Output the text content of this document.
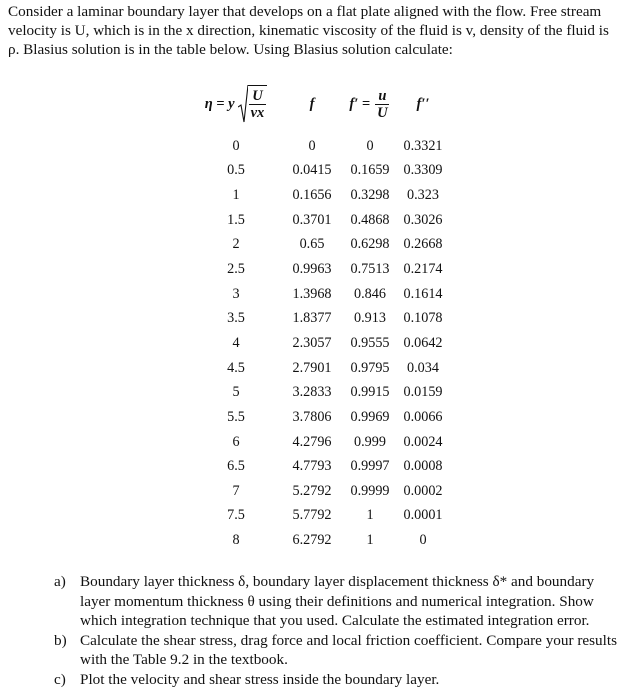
Consider a laminar boundary layer that develops on a flat plate aligned with the flow. Free stream velocity is U, which is in the x direction, kinematic viscosity of the fluid is v, density of the fluid is ρ. Blasius solution is in the table below. Using Blasius solution calculate:

η = y $\frac{U}{vx}$	f	$f' = \frac{u}{U}$	f′′
0	0	0	0.3321
0.5	0.0415	0.1659	0.3309
1	0.1656	0.3298	0.323
1.5	0.3701	0.4868	0.3026
2	0.65	0.6298	0.2668
2.5	0.9963	0.7513	0.2174
3	1.3968	0.846	0.1614
3.5	1.8377	0.913	0.1078
4	2.3057	0.9555	0.0642
4.5	2.7901	0.9795	0.034
5	3.2833	0.9915	0.0159
5.5	3.7806	0.9969	0.0066
6	4.2796	0.999	0.0024
6.5	4.7793	0.9997	0.0008
7	5.2792	0.9999	0.0002
7.5	5.7792	1	0.0001
8	6.2792	1	0
a) Boundary layer thickness δ, boundary layer displacement thickness δ* and boundary layer momentum thickness θ using their definitions and numerical integration. Show which integration technique that you used. Calculate the estimated integration error.
b) Calculate the shear stress, drag force and local friction coefficient. Compare your results with the Table 9.2 in the textbook.
c) Plot the velocity and shear stress inside the boundary layer.
